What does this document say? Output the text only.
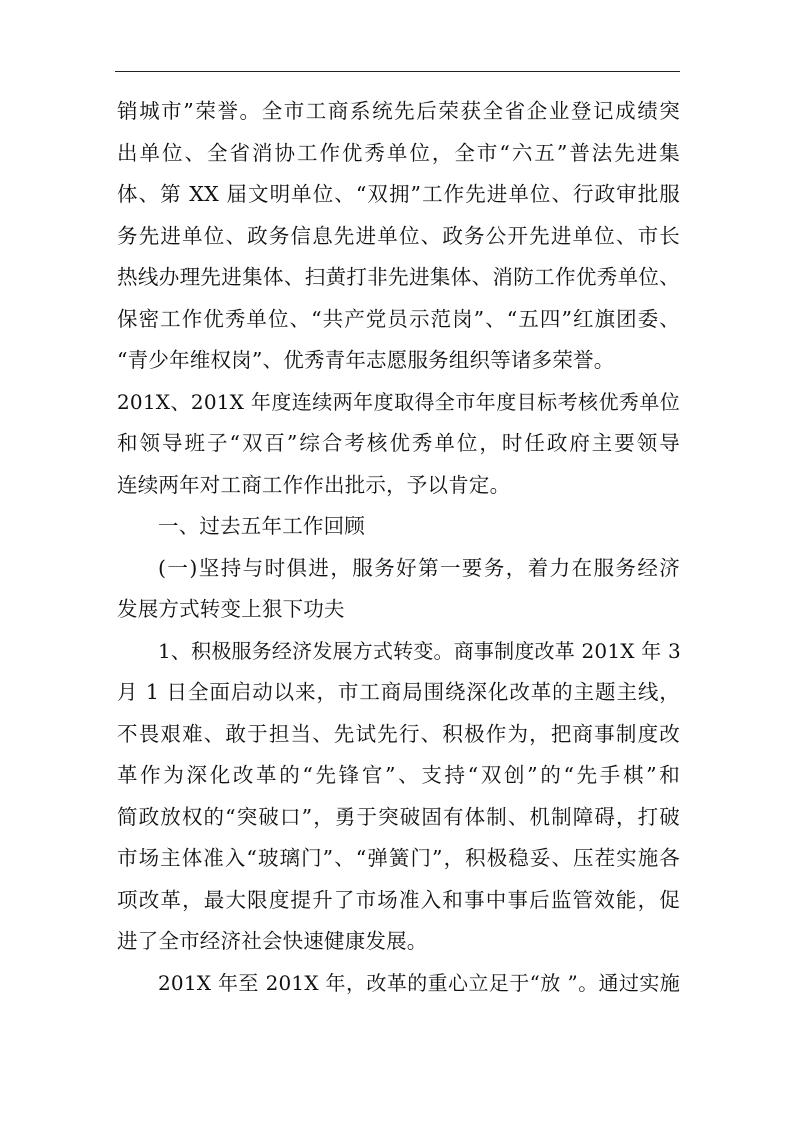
销城市”荣誉。全市工商系统先后荣获全省企业登记成绩突
出单位、全省消协工作优秀单位，全市“六五”普法先进集
体、第 XX 届文明单位、“双拥”工作先进单位、行政审批服
务先进单位、政务信息先进单位、政务公开先进单位、市长
热线办理先进集体、扫黄打非先进集体、消防工作优秀单位、
保密工作优秀单位、“共产党员示范岗”、“五四”红旗团委、
“青少年维权岗”、优秀青年志愿服务组织等诸多荣誉。
201X、201X 年度连续两年度取得全市年度目标考核优秀单位
和领导班子“双百”综合考核优秀单位，时任政府主要领导
连续两年对工商工作作出批示，予以肯定。
一、过去五年工作回顾
(一)坚持与时俱进，服务好第一要务，着力在服务经济
发展方式转变上狠下功夫
1、积极服务经济发展方式转变。商事制度改革 201X 年 3
月 1 日全面启动以来，市工商局围绕深化改革的主题主线，
不畏艰难、敢于担当、先试先行、积极作为，把商事制度改
革作为深化改革的“先锋官”、支持“双创”的“先手棋”和
简政放权的“突破口”，勇于突破固有体制、机制障碍，打破
市场主体准入“玻璃门”、“弹簧门”，积极稳妥、压茬实施各
项改革，最大限度提升了市场准入和事中事后监管效能，促
进了全市经济社会快速健康发展。
201X 年至 201X 年，改革的重心立足于“放 ”。通过实施
